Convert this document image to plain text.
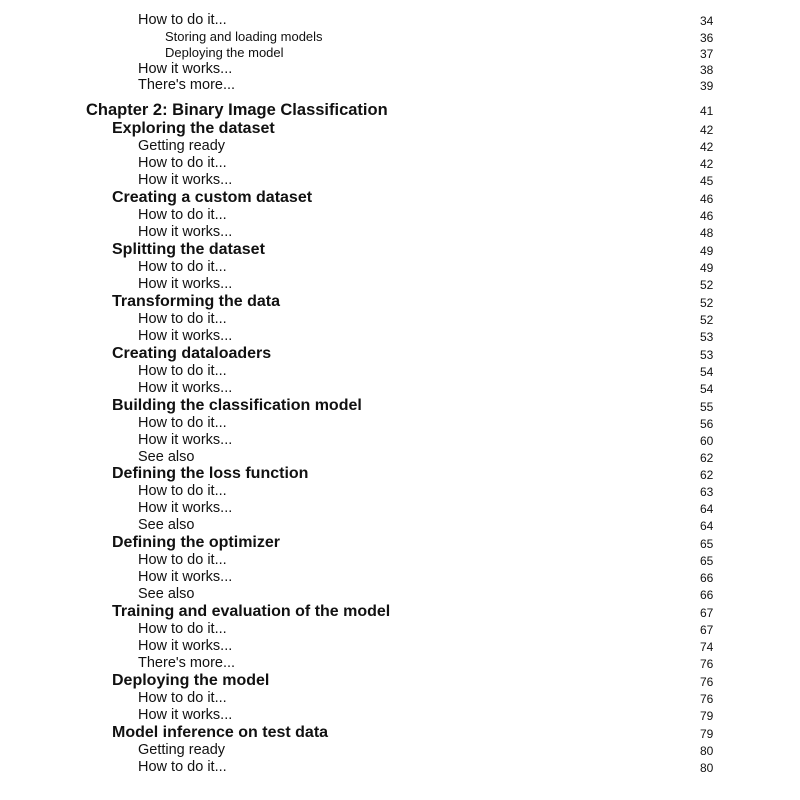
How to do it...	34
Storing and loading models	36
Deploying the model	37
How it works...	38
There's more...	39
Chapter 2: Binary Image Classification	41
Exploring the dataset	42
Getting ready	42
How to do it...	42
How it works...	45
Creating a custom dataset	46
How to do it...	46
How it works...	48
Splitting the dataset	49
How to do it...	49
How it works...	52
Transforming the data	52
How to do it...	52
How it works...	53
Creating dataloaders	53
How to do it...	54
How it works...	54
Building the classification model	55
How to do it...	56
How it works...	60
See also	62
Defining the loss function	62
How to do it...	63
How it works...	64
See also	64
Defining the optimizer	65
How to do it...	65
How it works...	66
See also	66
Training and evaluation of the model	67
How to do it...	67
How it works...	74
There's more...	76
Deploying the model	76
How to do it...	76
How it works...	79
Model inference on test data	79
Getting ready	80
How to do it...	80
